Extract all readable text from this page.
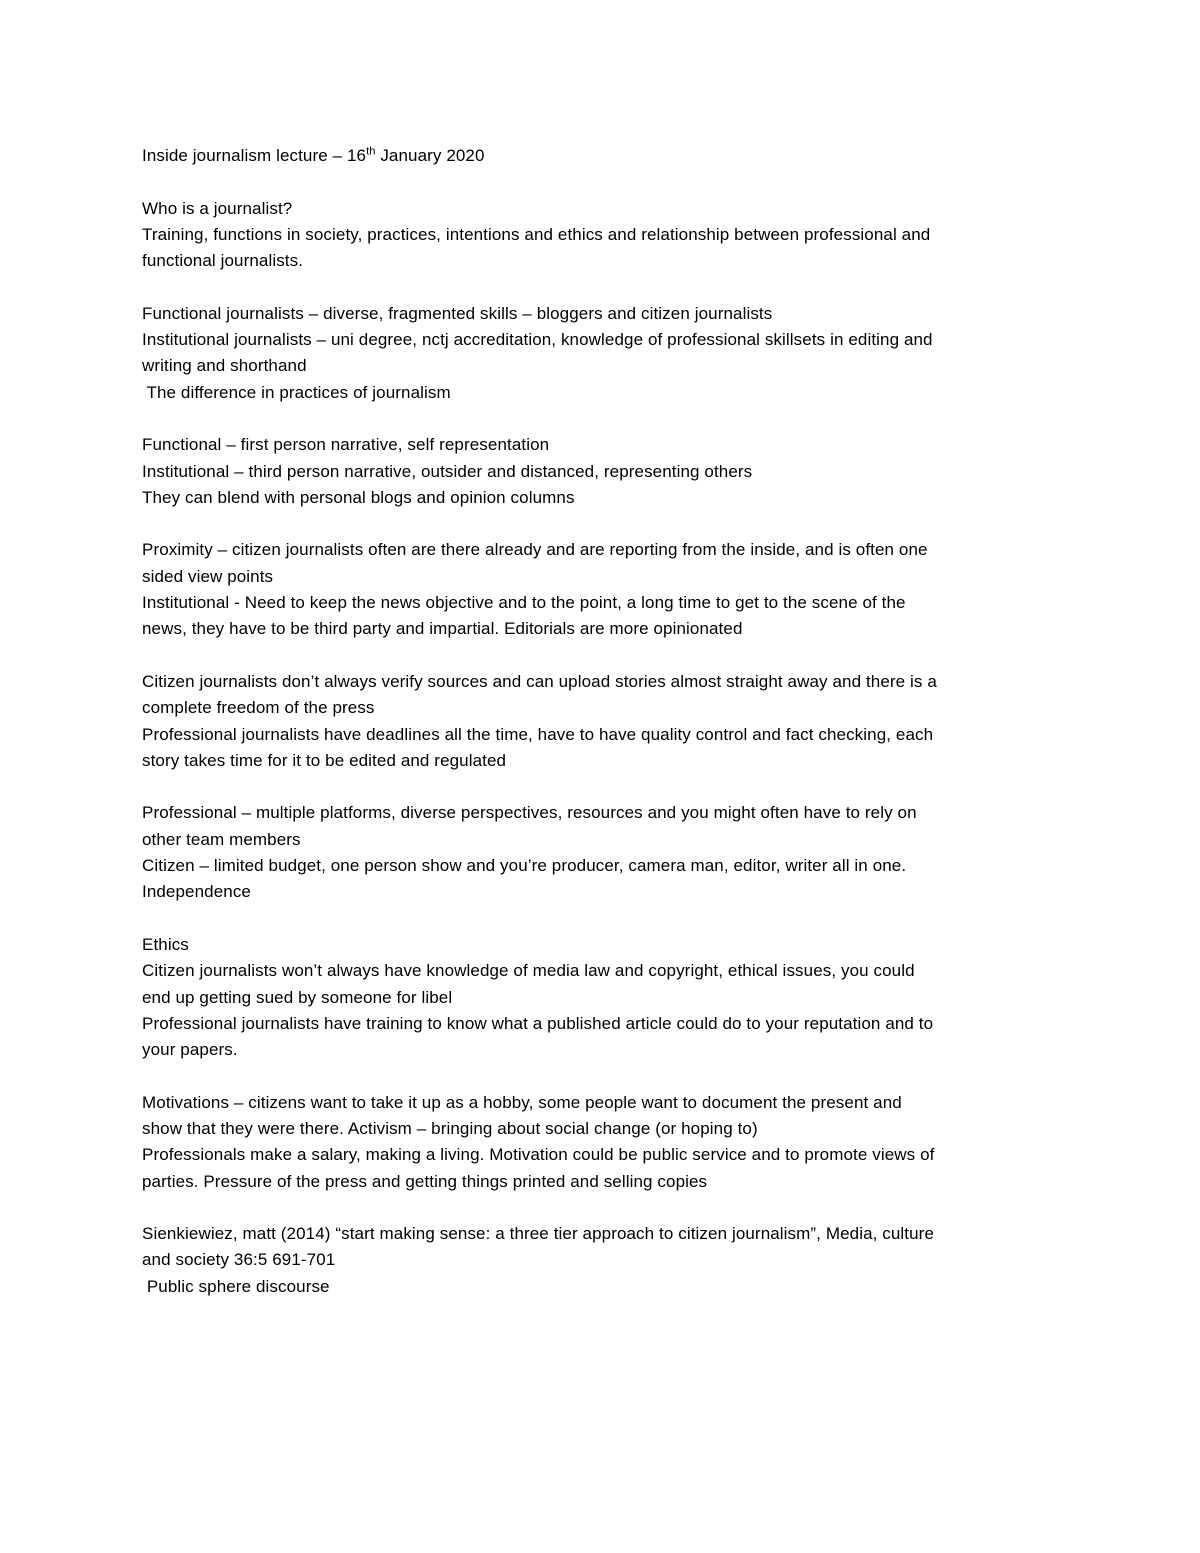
Inside journalism lecture – 16th January 2020

Who is a journalist?

Training, functions in society, practices, intentions and ethics and relationship between professional and

functional journalists.

Functional journalists – diverse, fragmented skills – bloggers and citizen journalists

Institutional journalists – uni degree, nctj accreditation, knowledge of professional skillsets in editing and

writing and shorthand

The difference in practices of journalism

Functional – first person narrative, self representation

Institutional – third person narrative, outsider and distanced, representing others

They can blend with personal blogs and opinion columns

Proximity – citizen journalists often are there already and are reporting from the inside, and is often one

sided view points

Institutional - Need to keep the news objective and to the point, a long time to get to the scene of the

news, they have to be third party and impartial. Editorials are more opinionated

Citizen journalists don’t always verify sources and can upload stories almost straight away and there is a

complete freedom of the press

Professional journalists have deadlines all the time, have to have quality control and fact checking, each

story takes time for it to be edited and regulated

Professional – multiple platforms, diverse perspectives, resources and you might often have to rely on

other team members

Citizen – limited budget, one person show and you’re producer, camera man, editor, writer all in one.

Independence

Ethics

Citizen journalists won’t always have knowledge of media law and copyright, ethical issues, you could

end up getting sued by someone for libel

Professional journalists have training to know what a published article could do to your reputation and to

your papers.

Motivations – citizens want to take it up as a hobby, some people want to document the present and

show that they were there. Activism – bringing about social change (or hoping to)

Professionals make a salary, making a living. Motivation could be public service and to promote views of

parties. Pressure of the press and getting things printed and selling copies

Sienkiewiez, matt (2014) “start making sense: a three tier approach to citizen journalism”, Media, culture

and society 36:5 691-701

Public sphere discourse
